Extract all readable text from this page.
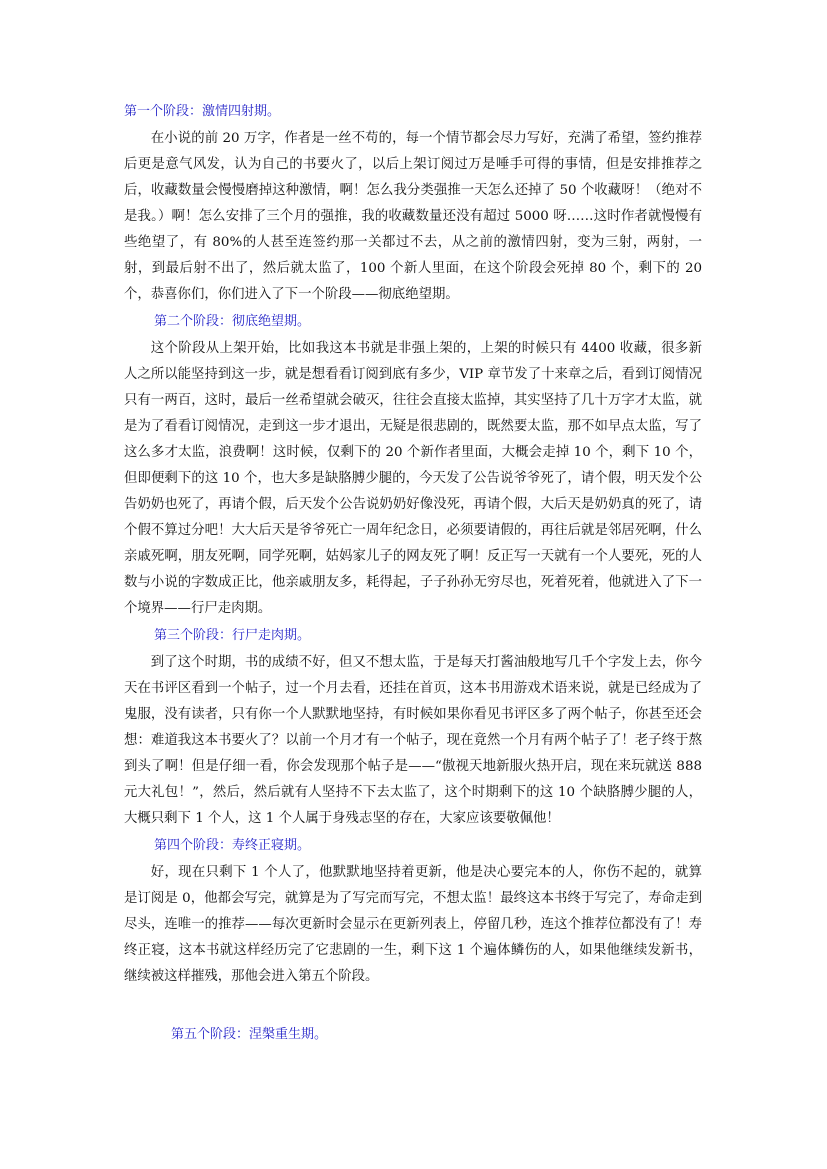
第一个阶段：激情四射期。

在小说的前 20 万字，作者是一丝不苟的，每一个情节都会尽力写好，充满了希望，签约推荐后更是意气风发，认为自己的书要火了，以后上架订阅过万是唾手可得的事情，但是安排推荐之后，收藏数量会慢慢磨掉这种激情，啊！怎么我分类强推一天怎么还掉了 50 个收藏呀！（绝对不是我。）啊！怎么安排了三个月的强推，我的收藏数量还没有超过 5000 呀……这时作者就慢慢有些绝望了，有 80%的人甚至连签约那一关都过不去，从之前的激情四射，变为三射，两射，一射，到最后射不出了，然后就太监了，100 个新人里面，在这个阶段会死掉 80 个，剩下的 20 个，恭喜你们，你们进入了下一个阶段——彻底绝望期。

第二个阶段：彻底绝望期。

这个阶段从上架开始，比如我这本书就是非强上架的，上架的时候只有 4400 收藏，很多新人之所以能坚持到这一步，就是想看看订阅到底有多少，VIP 章节发了十来章之后，看到订阅情况只有一两百，这时，最后一丝希望就会破灭，往往会直接太监掉，其实坚持了几十万字才太监，就是为了看看订阅情况，走到这一步才退出，无疑是很悲剧的，既然要太监，那不如早点太监，写了这么多才太监，浪费啊！这时候，仅剩下的 20 个新作者里面，大概会走掉 10 个，剩下 10 个，但即便剩下的这 10 个，也大多是缺胳膊少腿的，今天发了公告说爷爷死了，请个假，明天发个公告奶奶也死了，再请个假，后天发个公告说奶奶好像没死，再请个假，大后天是奶奶真的死了，请个假不算过分吧！大大后天是爷爷死亡一周年纪念日，必须要请假的，再往后就是邻居死啊，什么亲戚死啊，朋友死啊，同学死啊，姑妈家儿子的网友死了啊！反正写一天就有一个人要死，死的人数与小说的字数成正比，他亲戚朋友多，耗得起，子子孙孙无穷尽也，死着死着，他就进入了下一个境界——行尸走肉期。

第三个阶段：行尸走肉期。

到了这个时期，书的成绩不好，但又不想太监，于是每天打酱油般地写几千个字发上去，你今天在书评区看到一个帖子，过一个月去看，还挂在首页，这本书用游戏术语来说，就是已经成为了鬼服，没有读者，只有你一个人默默地坚持，有时候如果你看见书评区多了两个帖子，你甚至还会想：难道我这本书要火了？以前一个月才有一个帖子，现在竟然一个月有两个帖子了！老子终于熬到头了啊！但是仔细一看，你会发现那个帖子是——“傲视天地新服火热开启，现在来玩就送 888 元大礼包！”，然后，然后就有人坚持不下去太监了，这个时期剩下的这 10 个缺胳膊少腿的人，大概只剩下 1 个人，这 1 个人属于身残志坚的存在，大家应该要敬佩他！

第四个阶段：寿终正寝期。

好，现在只剩下 1 个人了，他默默地坚持着更新，他是决心要完本的人，你伤不起的，就算是订阅是 0，他都会写完，就算是为了写完而写完，不想太监！最终这本书终于写完了，寿命走到尽头，连唯一的推荐——每次更新时会显示在更新列表上，停留几秒，连这个推荐位都没有了！寿终正寝，这本书就这样经历完了它悲剧的一生，剩下这 1 个遍体鳞伤的人，如果他继续发新书，继续被这样摧残，那他会进入第五个阶段。

第五个阶段：涅槃重生期。
